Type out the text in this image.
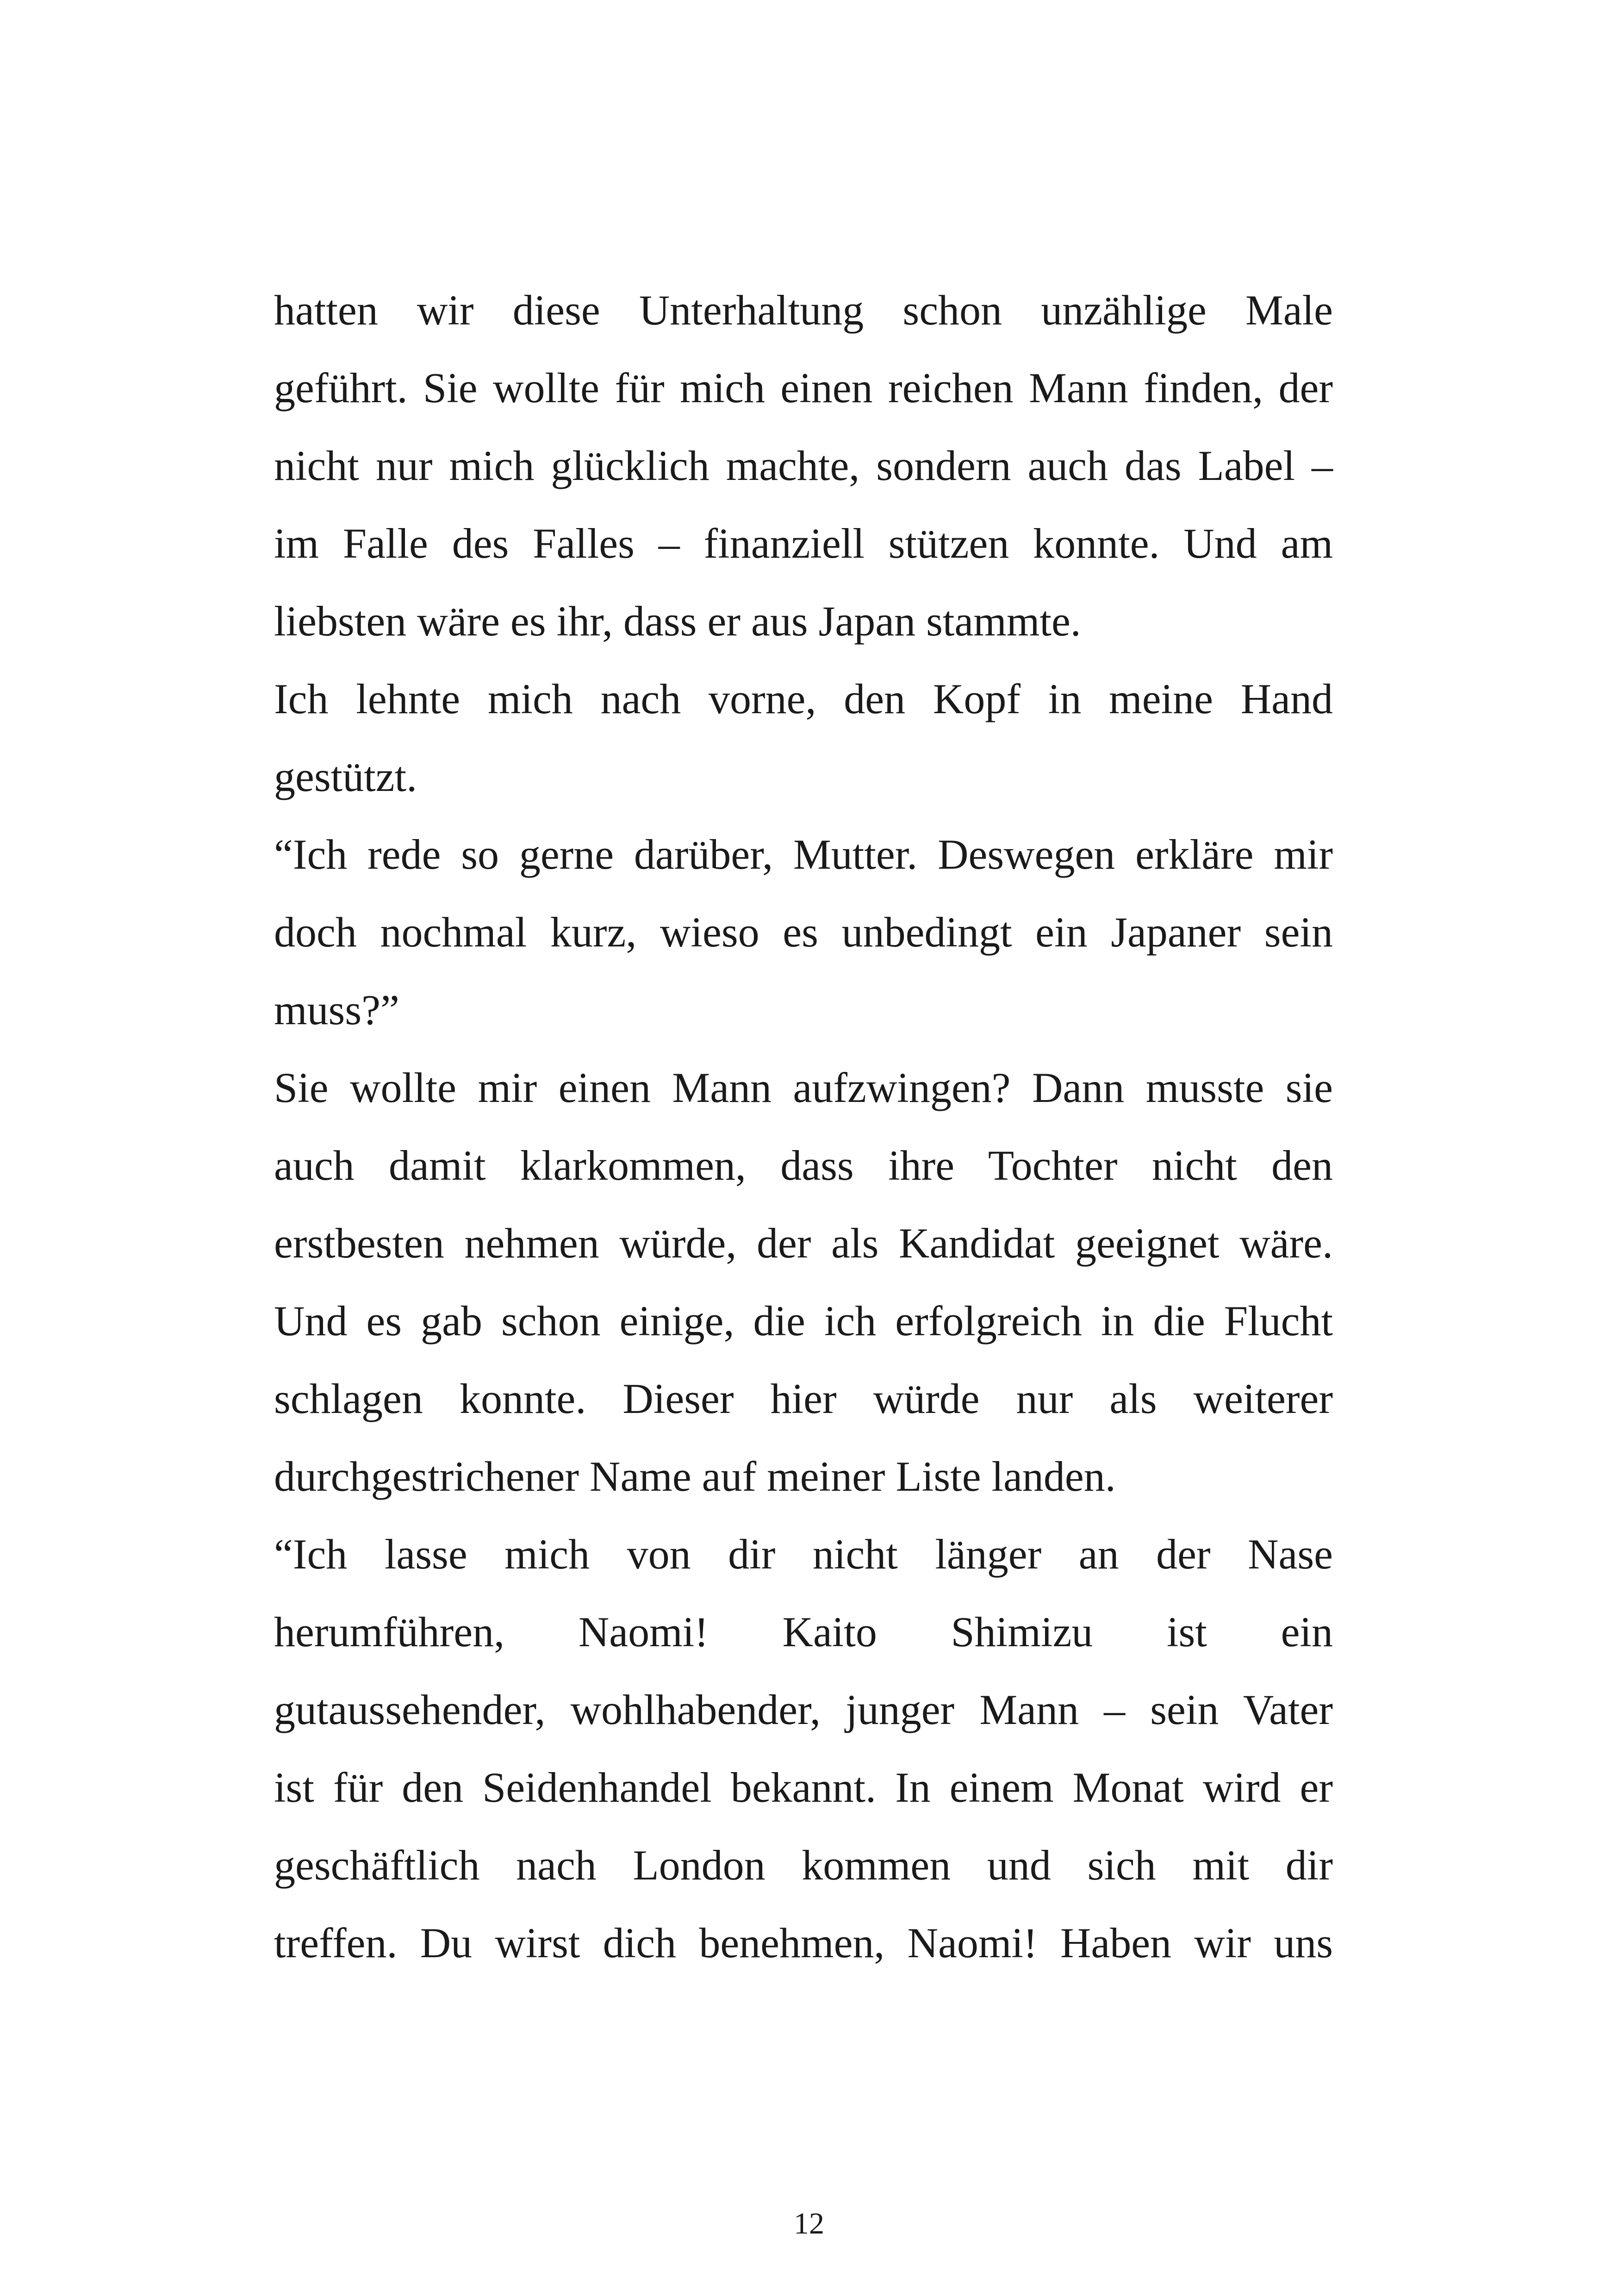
hatten wir diese Unterhaltung schon unzählige Male
geführt. Sie wollte für mich einen reichen Mann finden, der
nicht nur mich glücklich machte, sondern auch das Label –
im Falle des Falles – finanziell stützen konnte. Und am
liebsten wäre es ihr, dass er aus Japan stammte.
Ich lehnte mich nach vorne, den Kopf in meine Hand
gestützt.
“Ich rede so gerne darüber, Mutter. Deswegen erkläre mir
doch nochmal kurz, wieso es unbedingt ein Japaner sein
muss?”
Sie wollte mir einen Mann aufzwingen? Dann musste sie
auch damit klarkommen, dass ihre Tochter nicht den
erstbesten nehmen würde, der als Kandidat geeignet wäre.
Und es gab schon einige, die ich erfolgreich in die Flucht
schlagen konnte. Dieser hier würde nur als weiterer
durchgestrichener Name auf meiner Liste landen.
“Ich lasse mich von dir nicht länger an der Nase
herumführen, Naomi! Kaito Shimizu ist ein
gutaussehender, wohlhabender, junger Mann – sein Vater
ist für den Seidenhandel bekannt. In einem Monat wird er
geschäftlich nach London kommen und sich mit dir
treffen. Du wirst dich benehmen, Naomi! Haben wir uns
12
